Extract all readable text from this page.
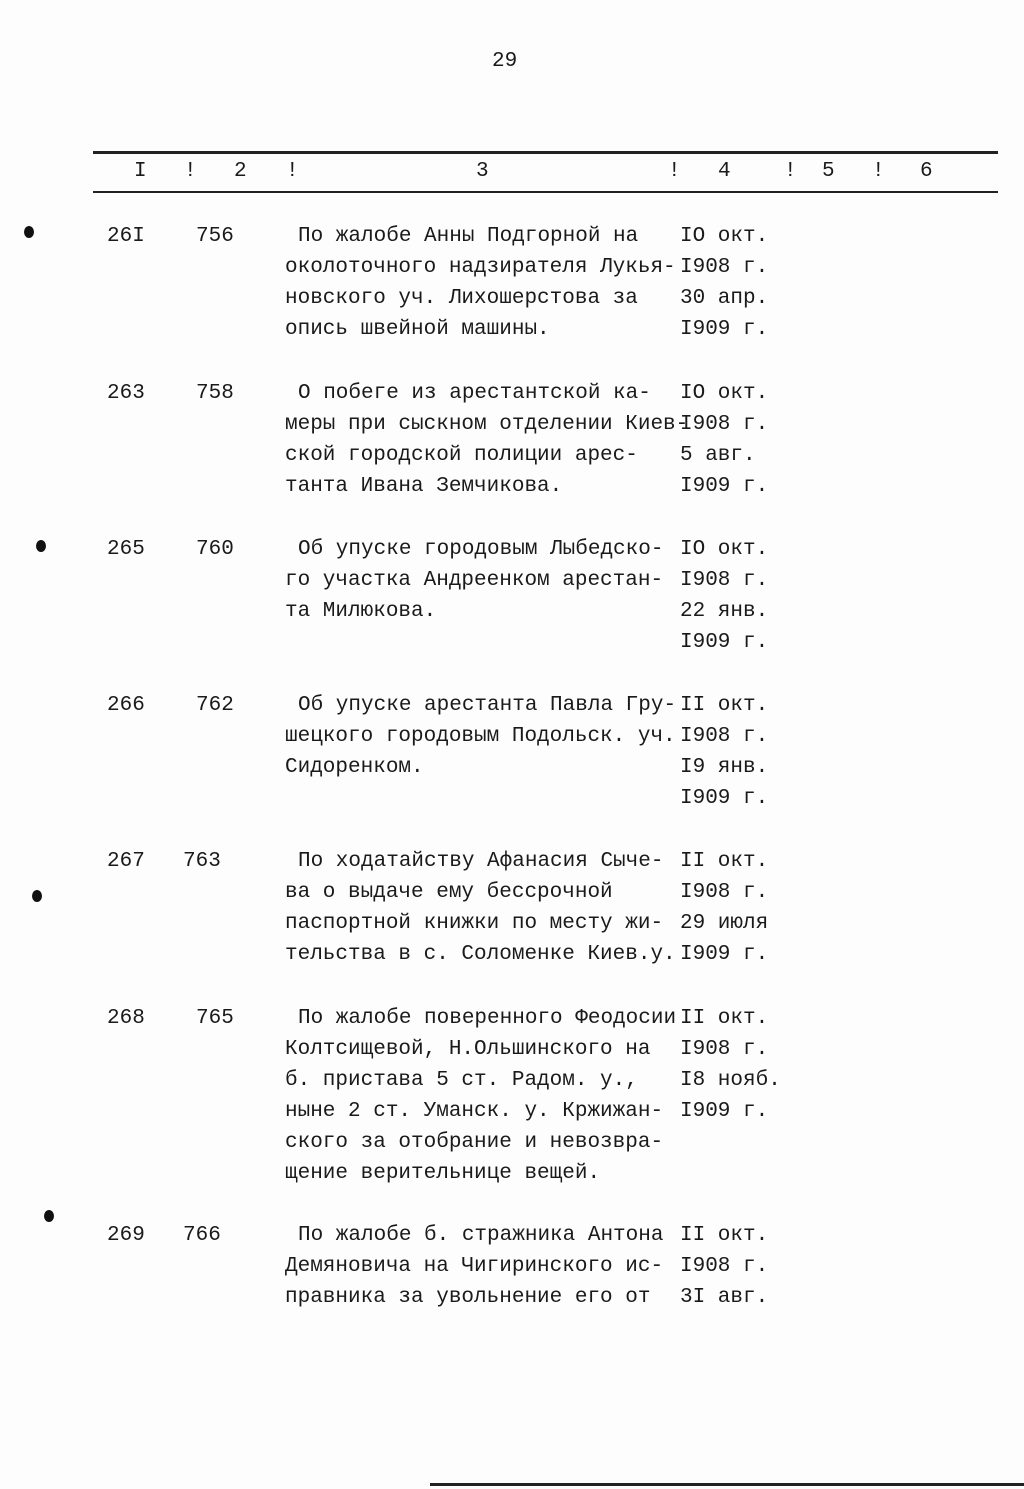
29
I ! 2 !	3	! 4	! 5 ! 6
26I 756	По жалобе Анны Подгорной на IO окт.
околоточного надзирателя Лукья- I908 г.
новского уч. Лихошерстова за 30 апр.
опись швейной машины.	I909 г.
263 758	О побеге из арестантской ка- IO окт.
меры при сыскном отделении Киев-
I908 г.
ской городской полиции арес- 5 авг.
танта Ивана Земчикова.	I909 г.
265 760	Об упуске городовым Лыбедско- IO окт.
го участка Андреенком арестан- I908 г.
та Милюкова.	22 янв.
I909 г.
266 762	Об упуске арестанта Павла Гру- II окт.
шецкого городовым Подольск. уч. I908 г.
Сидоренком.	I9 янв.
I909 г.
267 763	По ходатайству Афанасия Сыче- II окт.
ва о выдаче ему бессрочной	I908 г.
паспортной книжки по месту жи- 29 июля
тельства в с. Соломенке Киев.у. I909 г.
268 765	По жалобе поверенного Феодосии II окт.
Колтсищевой, Н.Ольшинского на I908 г.
б. пристава 5 ст. Радом. у., I8 нояб.
ныне 2 ст. Уманск. у. Кржижан- I909 г.
ского за отобрание и невозвра-
щение верительнице вещей.
269 766	По жалобе б. стражника Антона II окт.
Демяновича на Чигиринского ис- I908 г.
правника за увольнение его от 3I авг.
